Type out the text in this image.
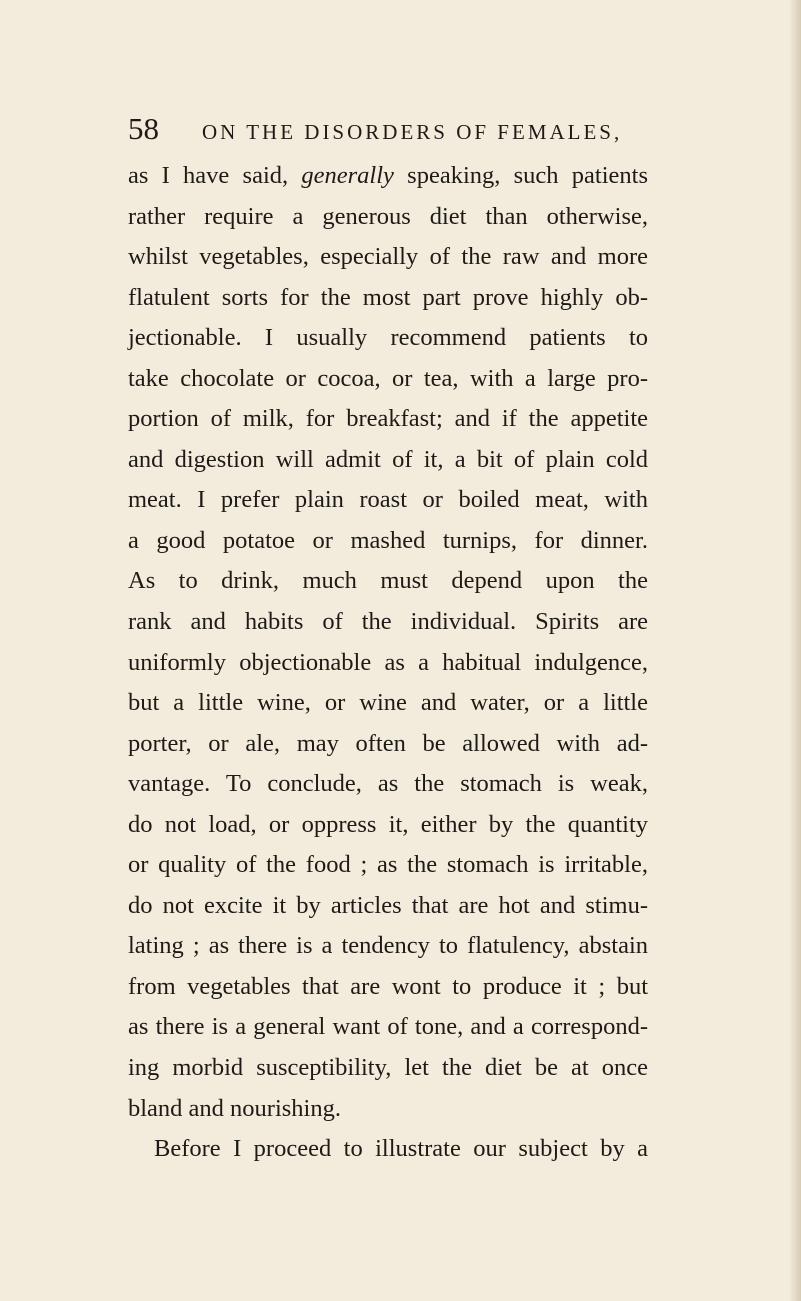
58 ON THE DISORDERS OF FEMALES,
as I have said, generally speaking, such patients
rather require a generous diet than otherwise,
whilst vegetables, especially of the raw and more
flatulent sorts for the most part prove highly ob-
jectionable. I usually recommend patients to
take chocolate or cocoa, or tea, with a large pro-
portion of milk, for breakfast; and if the appetite
and digestion will admit of it, a bit of plain cold
meat. I prefer plain roast or boiled meat, with
a good potatoe or mashed turnips, for dinner.
As to drink, much must depend upon the
rank and habits of the individual. Spirits are
uniformly objectionable as a habitual indulgence,
but a little wine, or wine and water, or a little
porter, or ale, may often be allowed with ad-
vantage. To conclude, as the stomach is weak,
do not load, or oppress it, either by the quantity
or quality of the food ; as the stomach is irritable,
do not excite it by articles that are hot and stimu-
lating ; as there is a tendency to flatulency, abstain
from vegetables that are wont to produce it ; but
as there is a general want of tone, and a correspond-
ing morbid susceptibility, let the diet be at once
bland and nourishing.
Before I proceed to illustrate our subject by a
